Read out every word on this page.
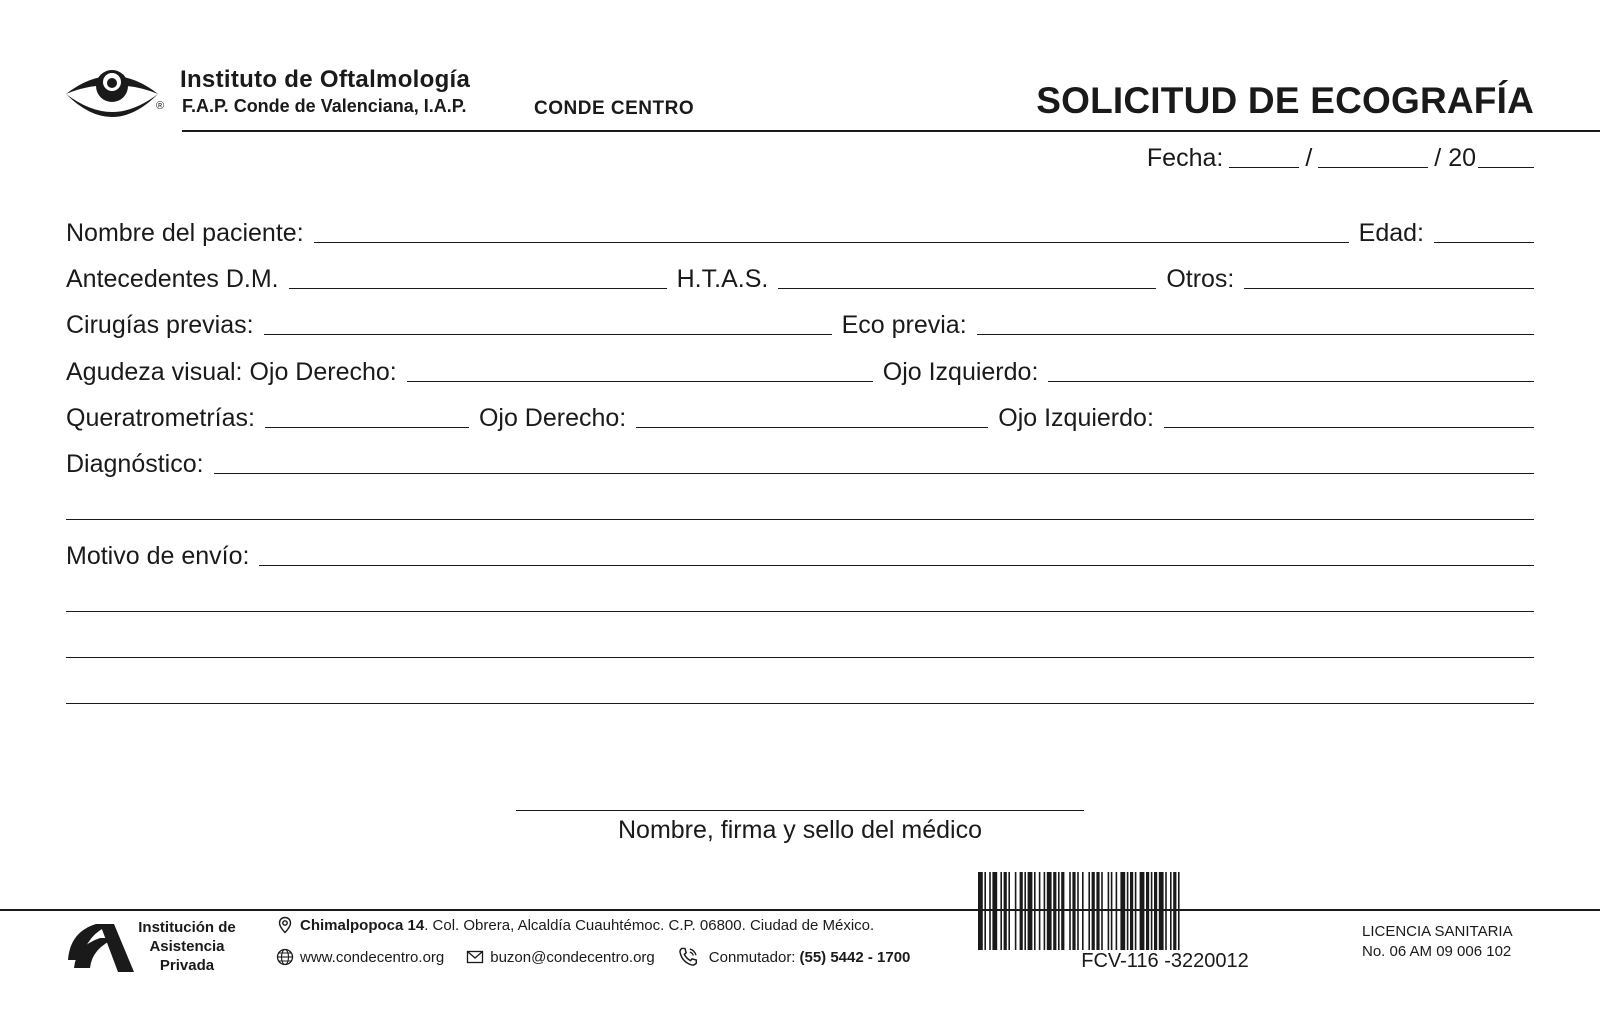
®
Instituto de Oftalmología
F.A.P. Conde de Valenciana, I.A.P.	CONDE CENTRO	SOLICITUD DE ECOGRAFÍA
Fecha:	/	/ 20
Nombre del paciente:	Edad:
Antecedentes D.M.	H.T.A.S.	Otros:
Cirugías previas:	Eco previa:
Agudeza visual: Ojo Derecho:	Ojo Izquierdo:
Queratrometrías:	Ojo Derecho:	Ojo Izquierdo:
Diagnóstico:
Motivo de envío:
Nombre, firma y sello del médico
FCV-116 -3220012
LICENCIA SANITARIA
No. 06 AM 09 006 102
Institución de
Asistencia
Privada
Chimalpopoca 14 . Col. Obrera, Alcaldía Cuauhtémoc. C.P. 06800. Ciudad de México.
www.condecentro.org	buzon@condecentro.org	Conmutador: (55) 5442 - 1700
